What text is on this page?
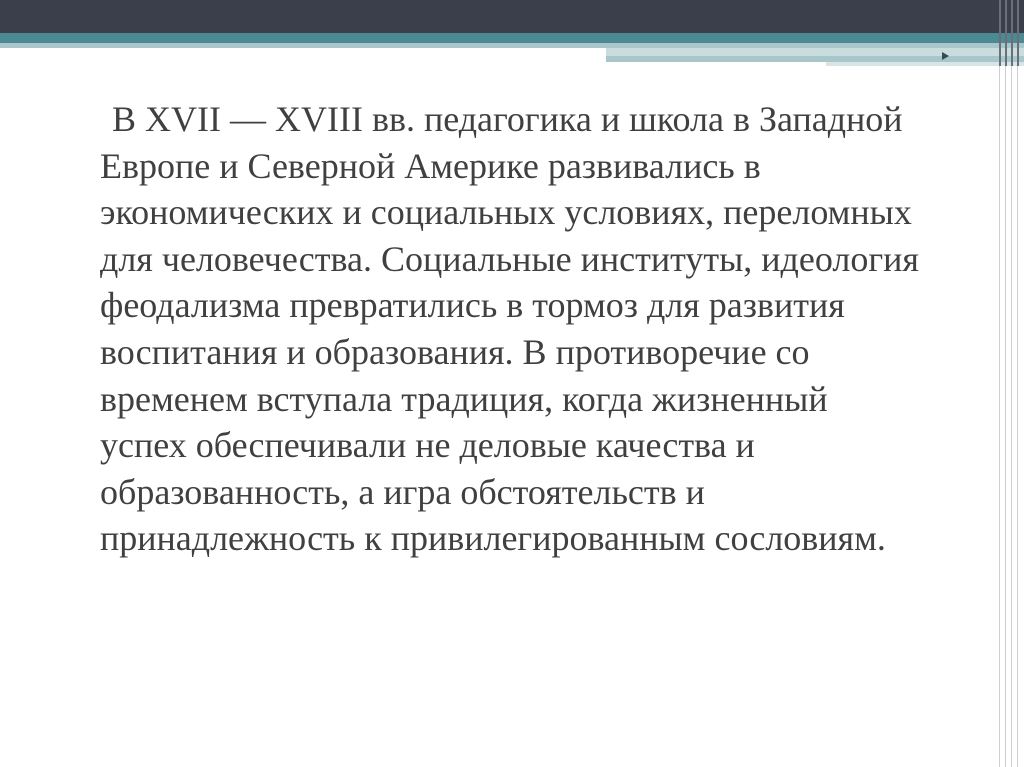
В XVII — XVIII вв. педагогика и школа в Западной Европе и Северной Америке развивались в экономических и социальных условиях, переломных для человечества. Социальные институты, идеология феодализма превратились в тормоз для развития воспитания и образования. В противоречие со временем вступала традиция, когда жизненный успех обеспечивали не деловые качества и образованность, а игра обстоятельств и принадлежность к привилегированным сословиям.
